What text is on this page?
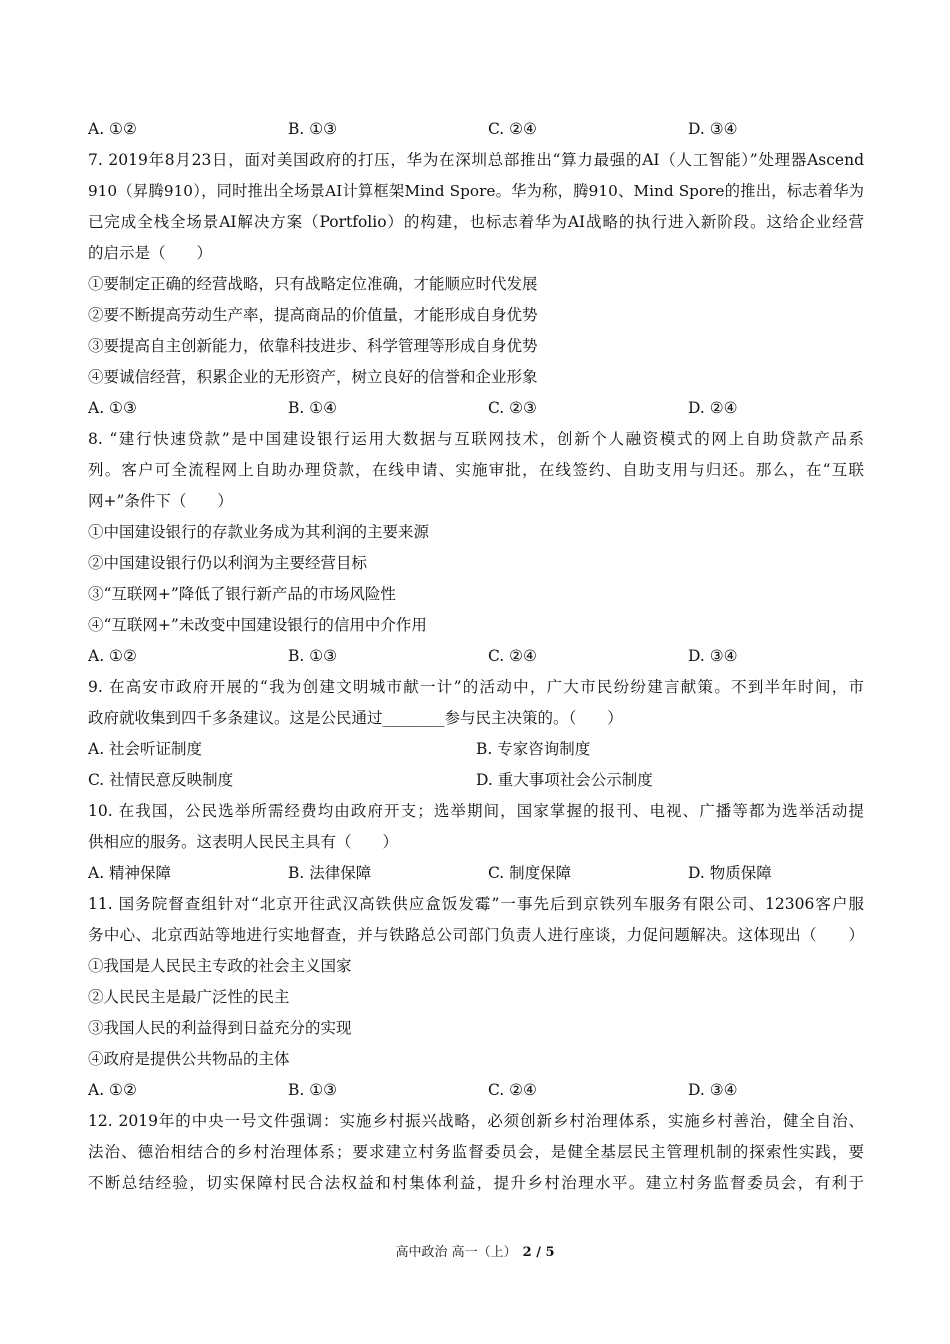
A. ①②	B. ①③	C. ②④	D. ③④
7. 2019年8月23日，面对美国政府的打压，华为在深圳总部推出“算力最强的AI（人工智能）”处理器Ascend
910（昇腾910），同时推出全场景AI计算框架Mind Spore。华为称，腾910、Mind Spore的推出，标志着华为
已完成全栈全场景AI解决方案（Portfolio）的构建，也标志着华为AI战略的执行进入新阶段。这给企业经营
的启示是（　　）
①要制定正确的经营战略，只有战略定位准确，才能顺应时代发展
②要不断提高劳动生产率，提高商品的价值量，才能形成自身优势
③要提高自主创新能力，依靠科技进步、科学管理等形成自身优势
④要诚信经营，积累企业的无形资产，树立良好的信誉和企业形象
A. ①③	B. ①④	C. ②③	D. ②④
8. “建行快速贷款”是中国建设银行运用大数据与互联网技术，创新个人融资模式的网上自助贷款产品系
列。客户可全流程网上自助办理贷款，在线申请、实施审批，在线签约、自助支用与归还。那么，在“互联
网+”条件下（　　）
①中国建设银行的存款业务成为其利润的主要来源
②中国建设银行仍以利润为主要经营目标
③“互联网+”降低了银行新产品的市场风险性
④“互联网+”未改变中国建设银行的信用中介作用
A. ①②	B. ①③	C. ②④	D. ③④
9. 在高安市政府开展的“我为创建文明城市献一计”的活动中，广大市民纷纷建言献策。不到半年时间，市
政府就收集到四千多条建议。这是公民通过________参与民主决策的。（　　）
A. 社会听证制度	B. 专家咨询制度
C. 社情民意反映制度	D. 重大事项社会公示制度
10. 在我国，公民选举所需经费均由政府开支；选举期间，国家掌握的报刊、电视、广播等都为选举活动提
供相应的服务。这表明人民民主具有（　　）
A. 精神保障	B. 法律保障	C. 制度保障	D. 物质保障
11. 国务院督查组针对“北京开往武汉高铁供应盒饭发霉”一事先后到京铁列车服务有限公司、12306客户服
务中心、北京西站等地进行实地督查，并与铁路总公司部门负责人进行座谈，力促问题解决。这体现出（　　）
①我国是人民民主专政的社会主义国家
②人民民主是最广泛性的民主
③我国人民的利益得到日益充分的实现
④政府是提供公共物品的主体
A. ①②	B. ①③	C. ②④	D. ③④
12. 2019年的中央一号文件强调：实施乡村振兴战略，必须创新乡村治理体系，实施乡村善治，健全自治、
法治、德治相结合的乡村治理体系；要求建立村务监督委员会，是健全基层民主管理机制的探索性实践，要
不断总结经验，切实保障村民合法权益和村集体利益，提升乡村治理水平。建立村务监督委员会，有利于
高中政治 高一（上） 2 / 5
